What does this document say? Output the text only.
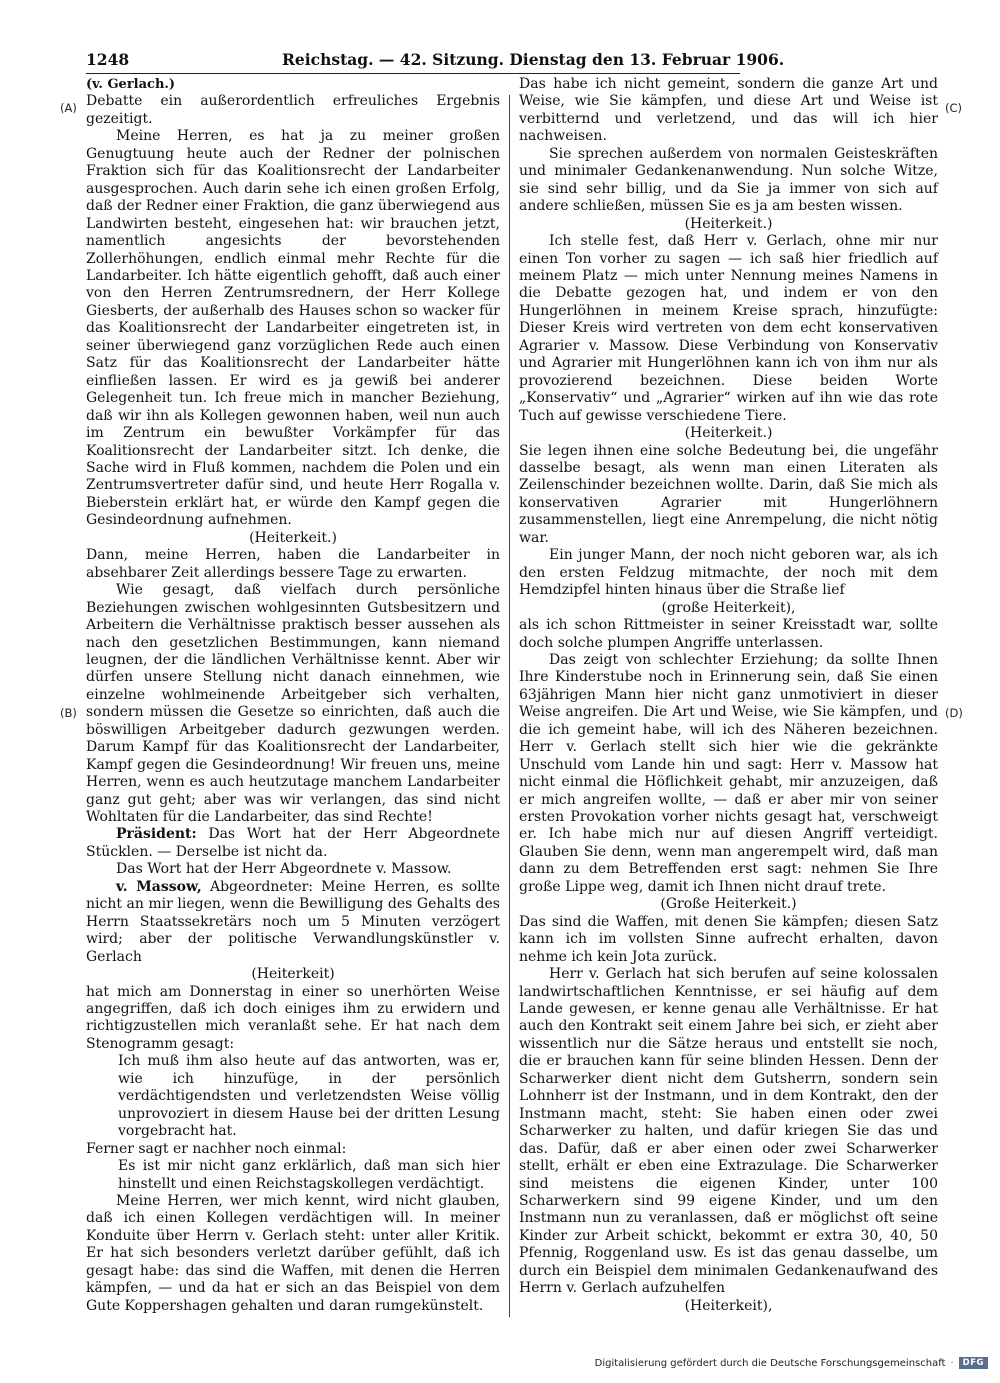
1248	Reichstag. — 42. Sitzung. Dienstag den 13. Februar 1906.
(A)
(B)
(C)
(D)

(v. Gerlach.)

Debatte ein außerordentlich erfreuliches Ergebnis gezeitigt.

Meine Herren, es hat ja zu meiner großen Genugtuung heute auch der Redner der polnischen Fraktion sich für das Koalitionsrecht der Landarbeiter ausgesprochen. Auch darin sehe ich einen großen Erfolg, daß der Redner einer Fraktion, die ganz überwiegend aus Landwirten besteht, eingesehen hat: wir brauchen jetzt, namentlich angesichts der bevorstehenden Zollerhöhungen, endlich einmal mehr Rechte für die Landarbeiter. Ich hätte eigentlich gehofft, daß auch einer von den Herren Zentrumsrednern, der Herr Kollege Giesberts, der außerhalb des Hauses schon so wacker für das Koalitionsrecht der Landarbeiter eingetreten ist, in seiner überwiegend ganz vorzüglichen Rede auch einen Satz für das Koalitionsrecht der Landarbeiter hätte einfließen lassen. Er wird es ja gewiß bei anderer Gelegenheit tun. Ich freue mich in mancher Beziehung, daß wir ihn als Kollegen gewonnen haben, weil nun auch im Zentrum ein bewußter Vorkämpfer für das Koalitionsrecht der Landarbeiter sitzt. Ich denke, die Sache wird in Fluß kommen, nachdem die Polen und ein Zentrumsvertreter dafür sind, und heute Herr Rogalla v. Bieberstein erklärt hat, er würde den Kampf gegen die Gesindeordnung aufnehmen.

(Heiterkeit.)

Dann, meine Herren, haben die Landarbeiter in absehbarer Zeit allerdings bessere Tage zu erwarten.

Wie gesagt, daß vielfach durch persönliche Beziehungen zwischen wohlgesinnten Gutsbesitzern und Arbeitern die Verhältnisse praktisch besser aussehen als nach den gesetzlichen Bestimmungen, kann niemand leugnen, der die ländlichen Verhältnisse kennt. Aber wir dürfen unsere Stellung nicht danach einnehmen, wie einzelne wohlmeinende Arbeitgeber sich verhalten, sondern müssen die Gesetze so einrichten, daß auch die böswilligen Arbeitgeber dadurch gezwungen werden. Darum Kampf für das Koalitionsrecht der Landarbeiter, Kampf gegen die Gesindeordnung! Wir freuen uns, meine Herren, wenn es auch heutzutage manchem Landarbeiter ganz gut geht; aber was wir verlangen, das sind nicht Wohltaten für die Landarbeiter, das sind Rechte!

Präsident: Das Wort hat der Herr Abgeordnete Stücklen. — Derselbe ist nicht da.

Das Wort hat der Herr Abgeordnete v. Massow.

v. Massow, Abgeordneter: Meine Herren, es sollte nicht an mir liegen, wenn die Bewilligung des Gehalts des Herrn Staatssekretärs noch um 5 Minuten verzögert wird; aber der politische Verwandlungskünstler v. Gerlach

(Heiterkeit)

hat mich am Donnerstag in einer so unerhörten Weise angegriffen, daß ich doch einiges ihm zu erwidern und richtigzustellen mich veranlaßt sehe. Er hat nach dem Stenogramm gesagt:

Ich muß ihm also heute auf das antworten, was er, wie ich hinzufüge, in der persönlich verdächtigendsten und verletzendsten Weise völlig unprovoziert in diesem Hause bei der dritten Lesung vorgebracht hat.

Ferner sagt er nachher noch einmal:

Es ist mir nicht ganz erklärlich, daß man sich hier hinstellt und einen Reichstagskollegen verdächtigt.

Meine Herren, wer mich kennt, wird nicht glauben, daß ich einen Kollegen verdächtigen will. In meiner Konduite über Herrn v. Gerlach steht: unter aller Kritik. Er hat sich besonders verletzt darüber gefühlt, daß ich gesagt habe: das sind die Waffen, mit denen die Herren kämpfen, — und da hat er sich an das Beispiel von dem Gute Koppershagen gehalten und daran rumgekünstelt.

Das habe ich nicht gemeint, sondern die ganze Art und Weise, wie Sie kämpfen, und diese Art und Weise ist verbitternd und verletzend, und das will ich hier nachweisen.

Sie sprechen außerdem von normalen Geisteskräften und minimaler Gedankenanwendung. Nun solche Witze, sie sind sehr billig, und da Sie ja immer von sich auf andere schließen, müssen Sie es ja am besten wissen.

(Heiterkeit.)

Ich stelle fest, daß Herr v. Gerlach, ohne mir nur einen Ton vorher zu sagen — ich saß hier friedlich auf meinem Platz — mich unter Nennung meines Namens in die Debatte gezogen hat, und indem er von den Hungerlöhnen in meinem Kreise sprach, hinzufügte: Dieser Kreis wird vertreten von dem echt konservativen Agrarier v. Massow. Diese Verbindung von Konservativ und Agrarier mit Hungerlöhnen kann ich von ihm nur als provozierend bezeichnen. Diese beiden Worte „Konservativ“ und „Agrarier“ wirken auf ihn wie das rote Tuch auf gewisse verschiedene Tiere.

(Heiterkeit.)

Sie legen ihnen eine solche Bedeutung bei, die ungefähr dasselbe besagt, als wenn man einen Literaten als Zeilenschinder bezeichnen wollte. Darin, daß Sie mich als konservativen Agrarier mit Hungerlöhnern zusammenstellen, liegt eine Anrempelung, die nicht nötig war.

Ein junger Mann, der noch nicht geboren war, als ich den ersten Feldzug mitmachte, der noch mit dem Hemdzipfel hinten hinaus über die Straße lief

(große Heiterkeit),

als ich schon Rittmeister in seiner Kreisstadt war, sollte doch solche plumpen Angriffe unterlassen.

Das zeigt von schlechter Erziehung; da sollte Ihnen Ihre Kinderstube noch in Erinnerung sein, daß Sie einen 63jährigen Mann hier nicht ganz unmotiviert in dieser Weise angreifen. Die Art und Weise, wie Sie kämpfen, und die ich gemeint habe, will ich des Näheren bezeichnen. Herr v. Gerlach stellt sich hier wie die gekränkte Unschuld vom Lande hin und sagt: Herr v. Massow hat nicht einmal die Höflichkeit gehabt, mir anzuzeigen, daß er mich angreifen wollte, — daß er aber mir von seiner ersten Provokation vorher nichts gesagt hat, verschweigt er. Ich habe mich nur auf diesen Angriff verteidigt. Glauben Sie denn, wenn man angerempelt wird, daß man dann zu dem Betreffenden erst sagt: nehmen Sie Ihre große Lippe weg, damit ich Ihnen nicht drauf trete.

(Große Heiterkeit.)

Das sind die Waffen, mit denen Sie kämpfen; diesen Satz kann ich im vollsten Sinne aufrecht erhalten, davon nehme ich kein Jota zurück.

Herr v. Gerlach hat sich berufen auf seine kolossalen landwirtschaftlichen Kenntnisse, er sei häufig auf dem Lande gewesen, er kenne genau alle Verhältnisse. Er hat auch den Kontrakt seit einem Jahre bei sich, er zieht aber wissentlich nur die Sätze heraus und entstellt sie noch, die er brauchen kann für seine blinden Hessen. Denn der Scharwerker dient nicht dem Gutsherrn, sondern sein Lohnherr ist der Instmann, und in dem Kontrakt, den der Instmann macht, steht: Sie haben einen oder zwei Scharwerker zu halten, und dafür kriegen Sie das und das. Dafür, daß er aber einen oder zwei Scharwerker stellt, erhält er eben eine Extrazulage. Die Scharwerker sind meistens die eigenen Kinder, unter 100 Scharwerkern sind 99 eigene Kinder, und um den Instmann nun zu veranlassen, daß er möglichst oft seine Kinder zur Arbeit schickt, bekommt er extra 30, 40, 50 Pfennig, Roggenland usw. Es ist das genau dasselbe, um durch ein Beispiel dem minimalen Gedankenaufwand des Herrn v. Gerlach aufzuhelfen

(Heiterkeit),

Digitalisierung gefördert durch die Deutsche Forschungsgemeinschaft ·	DFG
